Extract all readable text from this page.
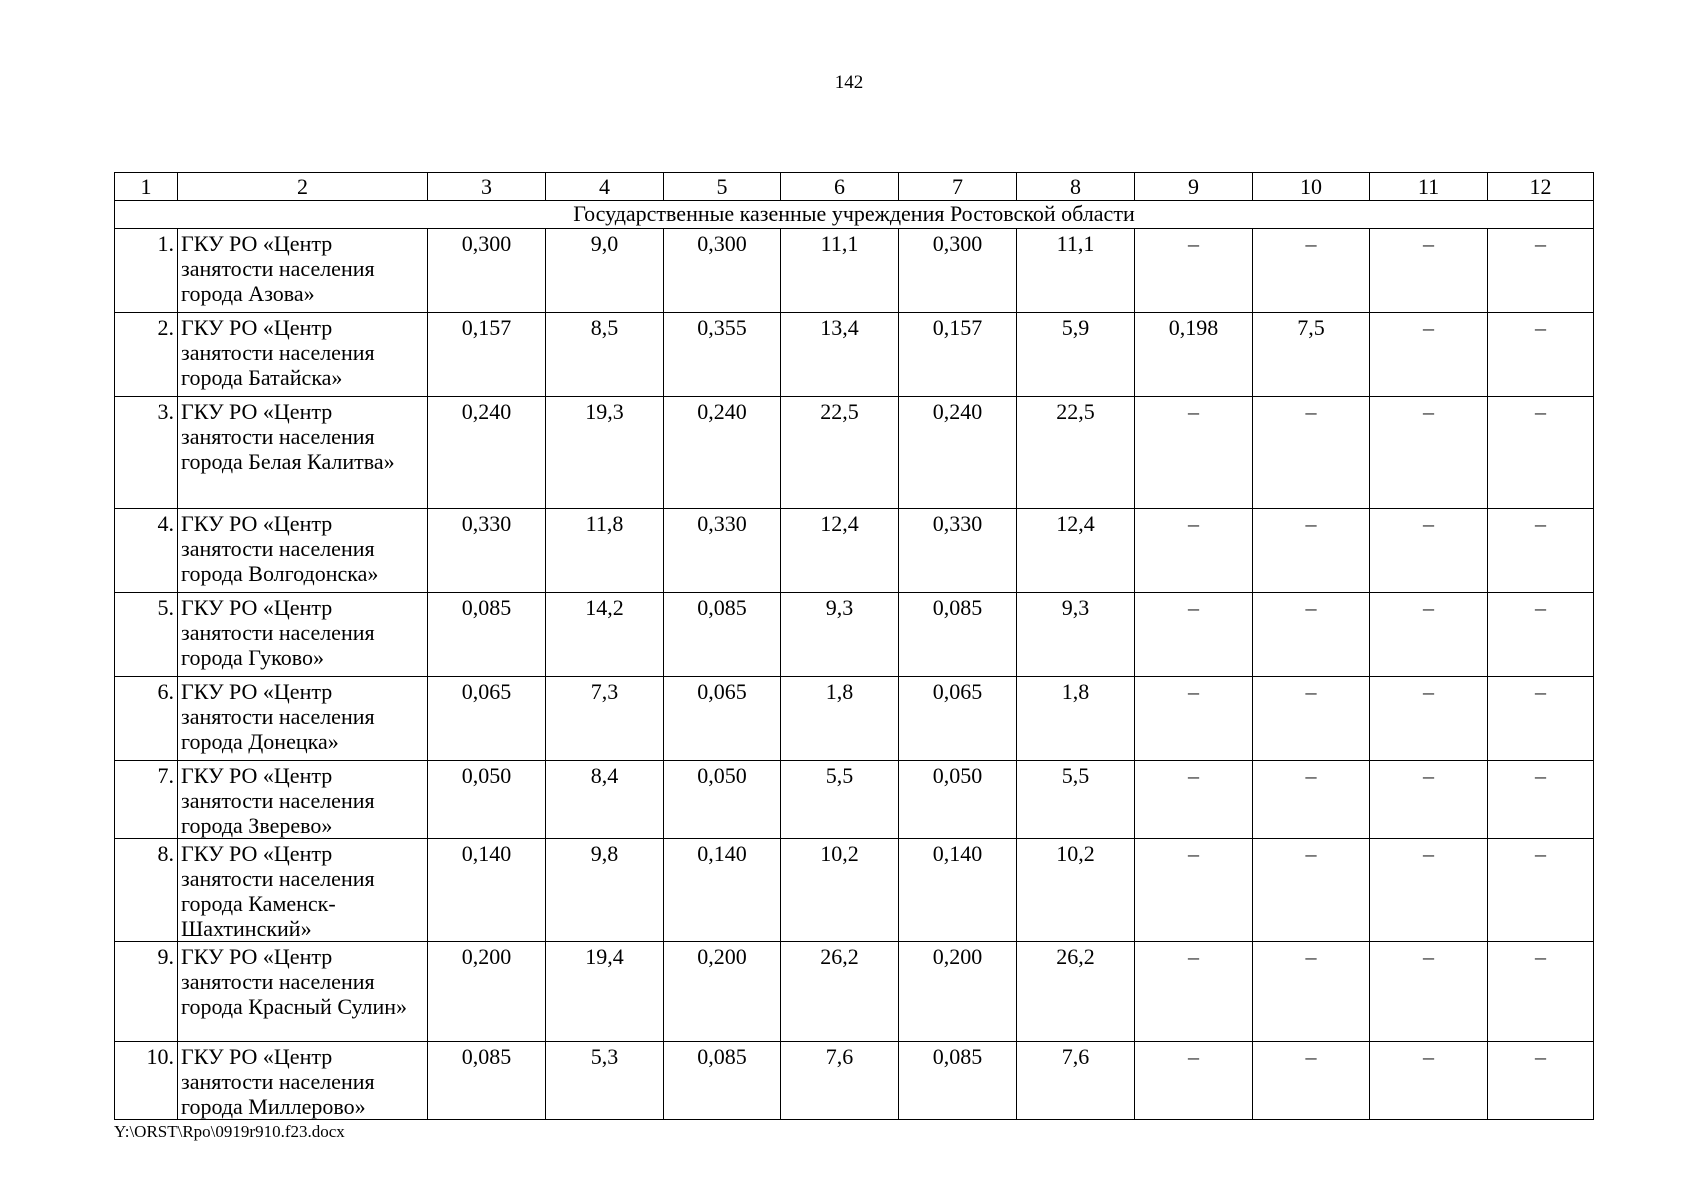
142
1	2	3	4	5	6	7	8	9	10	11	12
Государственные казенные учреждения Ростовской области											
1.	ГКУ РО «Центр занятости населения города Азова»	0,300	9,0	0,300	11,1	0,300	11,1	–	–	–	–
2.	ГКУ РО «Центр занятости населения города Батайска»	0,157	8,5	0,355	13,4	0,157	5,9	0,198	7,5	–	–
3.	ГКУ РО «Центр занятости населения города Белая Калитва»	0,240	19,3	0,240	22,5	0,240	22,5	–	–	–	–
4.	ГКУ РО «Центр занятости населения города Волгодонска»	0,330	11,8	0,330	12,4	0,330	12,4	–	–	–	–
5.	ГКУ РО «Центр занятости населения города Гуково»	0,085	14,2	0,085	9,3	0,085	9,3	–	–	–	–
6.	ГКУ РО «Центр занятости населения города Донецка»	0,065	7,3	0,065	1,8	0,065	1,8	–	–	–	–
7.	ГКУ РО «Центр занятости населения города Зверево»	0,050	8,4	0,050	5,5	0,050	5,5	–	–	–	–
8.	ГКУ РО «Центр занятости населения города Каменск-Шахтинский»	0,140	9,8	0,140	10,2	0,140	10,2	–	–	–	–
9.	ГКУ РО «Центр занятости населения города Красный Сулин»	0,200	19,4	0,200	26,2	0,200	26,2	–	–	–	–
10.	ГКУ РО «Центр занятости населения города Миллерово»	0,085	5,3	0,085	7,6	0,085	7,6	–	–	–	–
Y:\ORST\Rpo\0919r910.f23.docx
